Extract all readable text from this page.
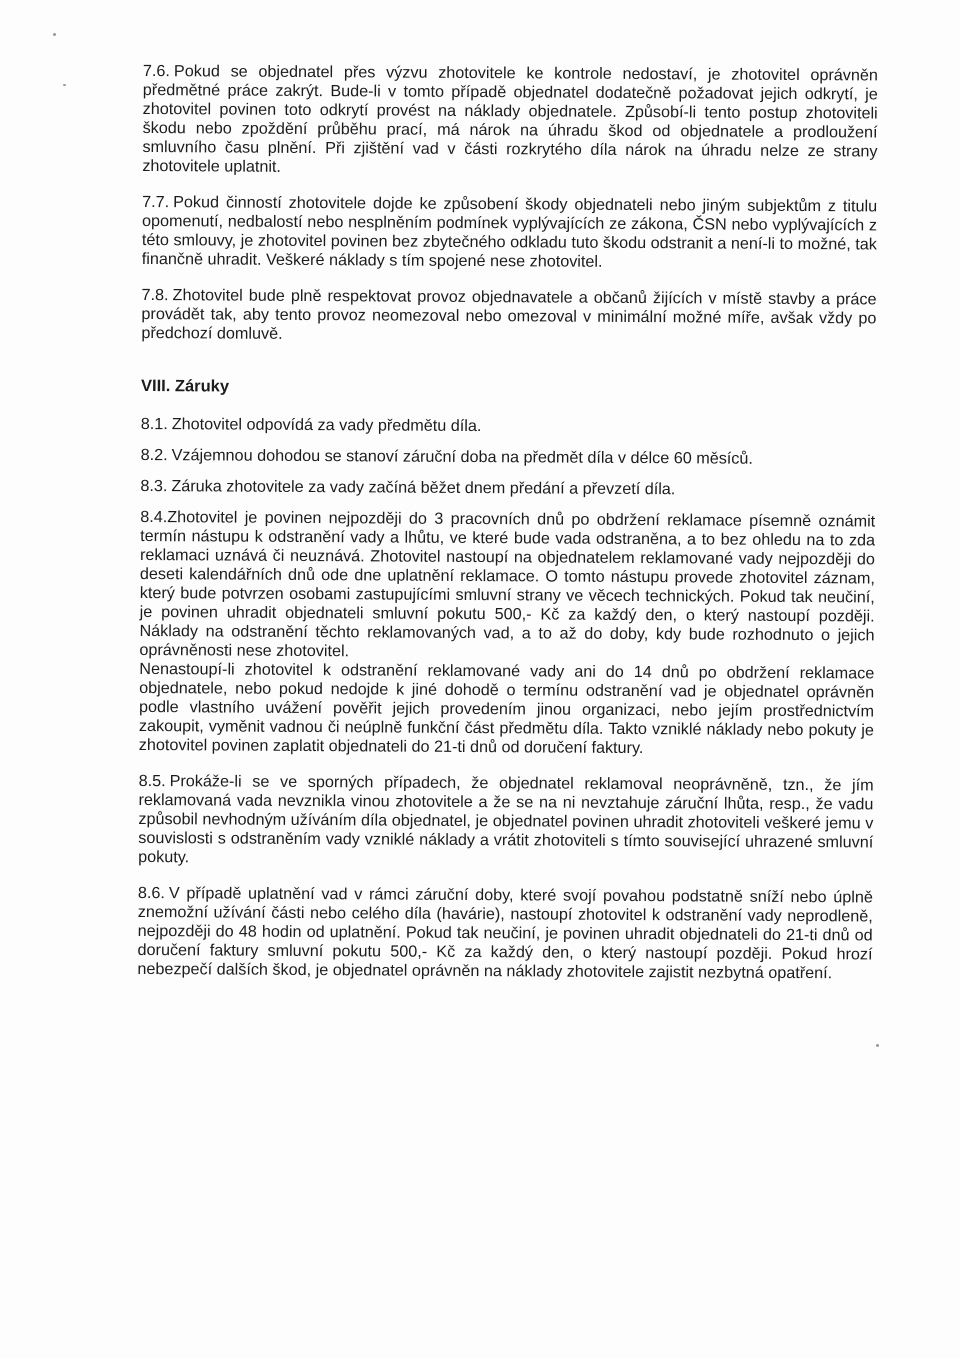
7.6. Pokud se objednatel přes výzvu zhotovitele ke kontrole nedostaví, je zhotovitel oprávněn předmětné práce zakrýt. Bude-li v tomto případě objednatel dodatečně požadovat jejich odkrytí, je zhotovitel povinen toto odkrytí provést na náklady objednatele. Způsobí-li tento postup zhotoviteli škodu nebo zpoždění průběhu prací, má nárok na úhradu škod od objednatele a prodloužení smluvního času plnění. Při zjištění vad v části rozkrytého díla nárok na úhradu nelze ze strany zhotovitele uplatnit.

7.7. Pokud činností zhotovitele dojde ke způsobení škody objednateli nebo jiným subjektům z titulu opomenutí, nedbalostí nebo nesplněním podmínek vyplývajících ze zákona, ČSN nebo vyplývajících z této smlouvy, je zhotovitel povinen bez zbytečného odkladu tuto škodu odstranit a není-li to možné, tak finančně uhradit. Veškeré náklady s tím spojené nese zhotovitel.

7.8. Zhotovitel bude plně respektovat provoz objednavatele a občanů žijících v místě stavby a práce provádět tak, aby tento provoz neomezoval nebo omezoval v minimální možné míře, avšak vždy po předchozí domluvě.

VIII. Záruky

8.1. Zhotovitel odpovídá za vady předmětu díla.

8.2. Vzájemnou dohodou se stanoví záruční doba na předmět díla v délce 60 měsíců.

8.3. Záruka zhotovitele za vady začíná běžet dnem předání a převzetí díla.

8.4.Zhotovitel je povinen nejpozději do 3 pracovních dnů po obdržení reklamace písemně oznámit termín nástupu k odstranění vady a lhůtu, ve které bude vada odstraněna, a to bez ohledu na to zda reklamaci uznává či neuznává. Zhotovitel nastoupí na objednatelem reklamované vady nejpozději do deseti kalendářních dnů ode dne uplatnění reklamace. O tomto nástupu provede zhotovitel záznam, který bude potvrzen osobami zastupujícími smluvní strany ve věcech technických. Pokud tak neučiní, je povinen uhradit objednateli smluvní pokutu 500,- Kč za každý den, o který nastoupí později. Náklady na odstranění těchto reklamovaných vad, a to až do doby, kdy bude rozhodnuto o jejich oprávněnosti nese zhotovitel.

Nenastoupí-li zhotovitel k odstranění reklamované vady ani do 14 dnů po obdržení reklamace objednatele, nebo pokud nedojde k jiné dohodě o termínu odstranění vad je objednatel oprávněn podle vlastního uvážení pověřit jejich provedením jinou organizaci, nebo jejím prostřednictvím zakoupit, vyměnit vadnou či neúplně funkční část předmětu díla. Takto vzniklé náklady nebo pokuty je zhotovitel povinen zaplatit objednateli do 21-ti dnů od doručení faktury.

8.5. Prokáže-li se ve sporných případech, že objednatel reklamoval neoprávněně, tzn., že jím reklamovaná vada nevznikla vinou zhotovitele a že se na ni nevztahuje záruční lhůta, resp., že vadu způsobil nevhodným užíváním díla objednatel, je objednatel povinen uhradit zhotoviteli veškeré jemu v souvislosti s odstraněním vady vzniklé náklady a vrátit zhotoviteli s tímto související uhrazené smluvní pokuty.

8.6. V případě uplatnění vad v rámci záruční doby, které svojí povahou podstatně sníží nebo úplně znemožní užívání části nebo celého díla (havárie), nastoupí zhotovitel k odstranění vady neprodleně, nejpozději do 48 hodin od uplatnění. Pokud tak neučiní, je povinen uhradit objednateli do 21-ti dnů od doručení faktury smluvní pokutu 500,- Kč za každý den, o který nastoupí později. Pokud hrozí nebezpečí dalších škod, je objednatel oprávněn na náklady zhotovitele zajistit nezbytná opatření.
